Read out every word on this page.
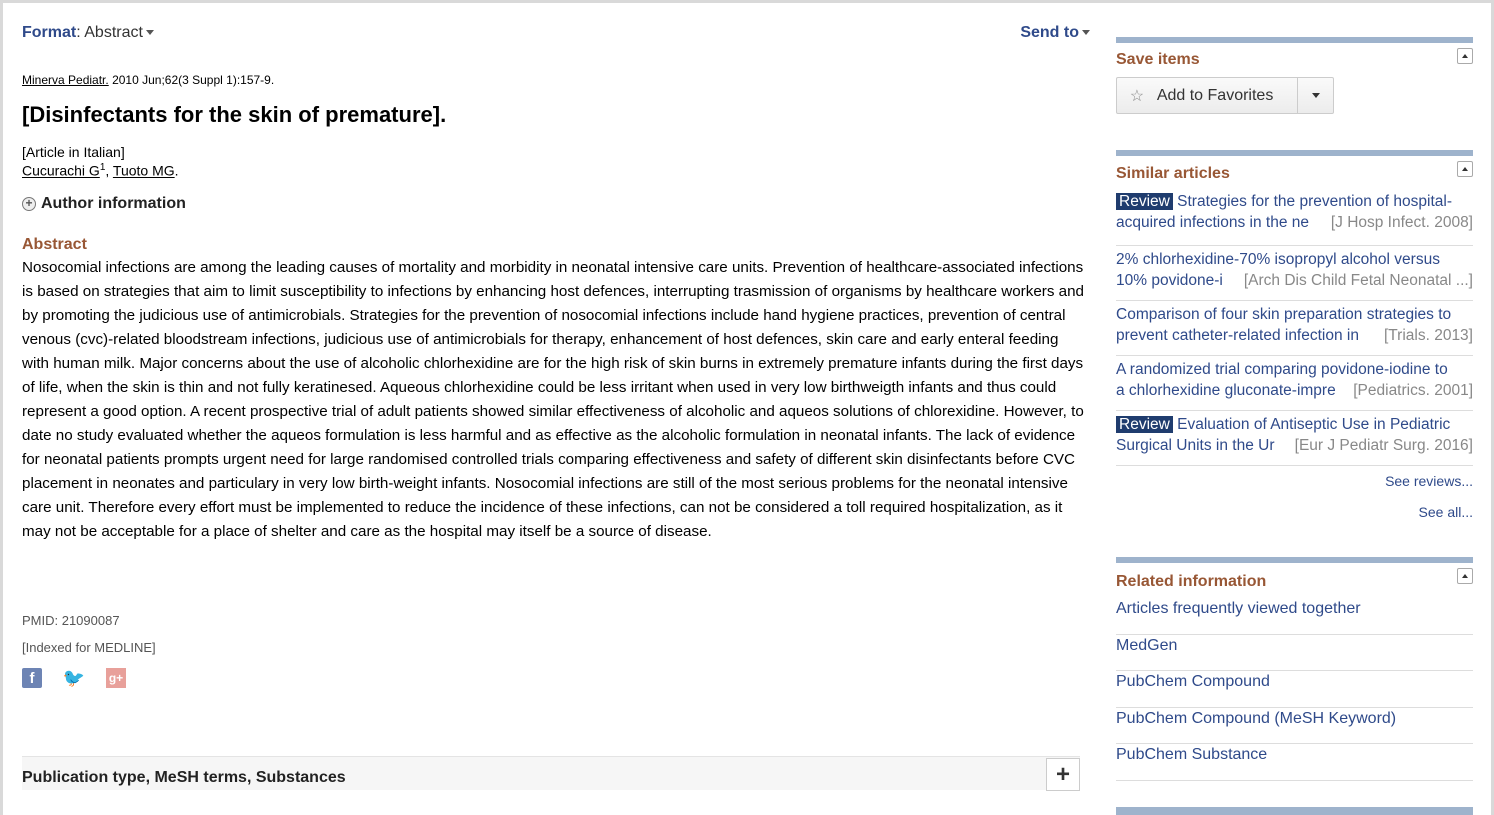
Format: Abstract	Send to
Minerva Pediatr. 2010 Jun;62(3 Suppl 1):157-9.
[Disinfectants for the skin of premature].
[Article in Italian]
Cucurachi $G^1$, Tuoto MG.
+ Author information
Abstract

Nosocomial infections are among the leading causes of mortality and morbidity in neonatal intensive care units. Prevention of healthcare-associated infections is based on strategies that aim to limit susceptibility to infections by enhancing host defences, interrupting trasmission of organisms by healthcare workers and by promoting the judicious use of antimicrobials. Strategies for the prevention of nosocomial infections include hand hygiene practices, prevention of central venous (cvc)-related bloodstream infections, judicious use of antimicrobials for therapy, enhancement of host defences, skin care and early enteral feeding with human milk. Major concerns about the use of alcoholic chlorhexidine are for the high risk of skin burns in extremely premature infants during the first days of life, when the skin is thin and not fully keratinesed. Aqueous chlorhexidine could be less irritant when used in very low birthweigth infants and thus could represent a good option. A recent prospective trial of adult patients showed similar effectiveness of alcoholic and aqueos solutions of chlorexidine. However, to date no study evaluated whether the aqueos formulation is less harmful and as effective as the alcoholic formulation in neonatal infants. The lack of evidence for neonatal patients prompts urgent need for large randomised controlled trials comparing effectiveness and safety of different skin disinfectants before CVC placement in neonates and particulary in very low birth-weight infants. Nosocomial infections are still of the most serious problems for the neonatal intensive care unit. Therefore every effort must be implemented to reduce the incidence of these infections, can not be considered a toll required hospitalization, as it may not be acceptable for a place of shelter and care as the hospital may itself be a source of disease.

PMID: 21090087
[Indexed for MEDLINE]
f	🐦 g+
Publication type, MeSH terms, Substances	+
Save items
☆ Add to Favorites
Similar articles
Review Strategies for the prevention of hospital-
acquired infections in the ne [J Hosp Infect. 2008]
2% chlorhexidine-70% isopropyl alcohol versus
10% povidone-i [Arch Dis Child Fetal Neonatal ...]
Comparison of four skin preparation strategies to
prevent catheter-related infection in [Trials. 2013]
A randomized trial comparing povidone-iodine to
a chlorhexidine gluconate-impre [Pediatrics. 2001]
Review Evaluation of Antiseptic Use in Pediatric
Surgical Units in the Ur [Eur J Pediatr Surg. 2016]
See reviews...
See all...
Related information
Articles frequently viewed together
MedGen
PubChem Compound
PubChem Compound (MeSH Keyword)
PubChem Substance
